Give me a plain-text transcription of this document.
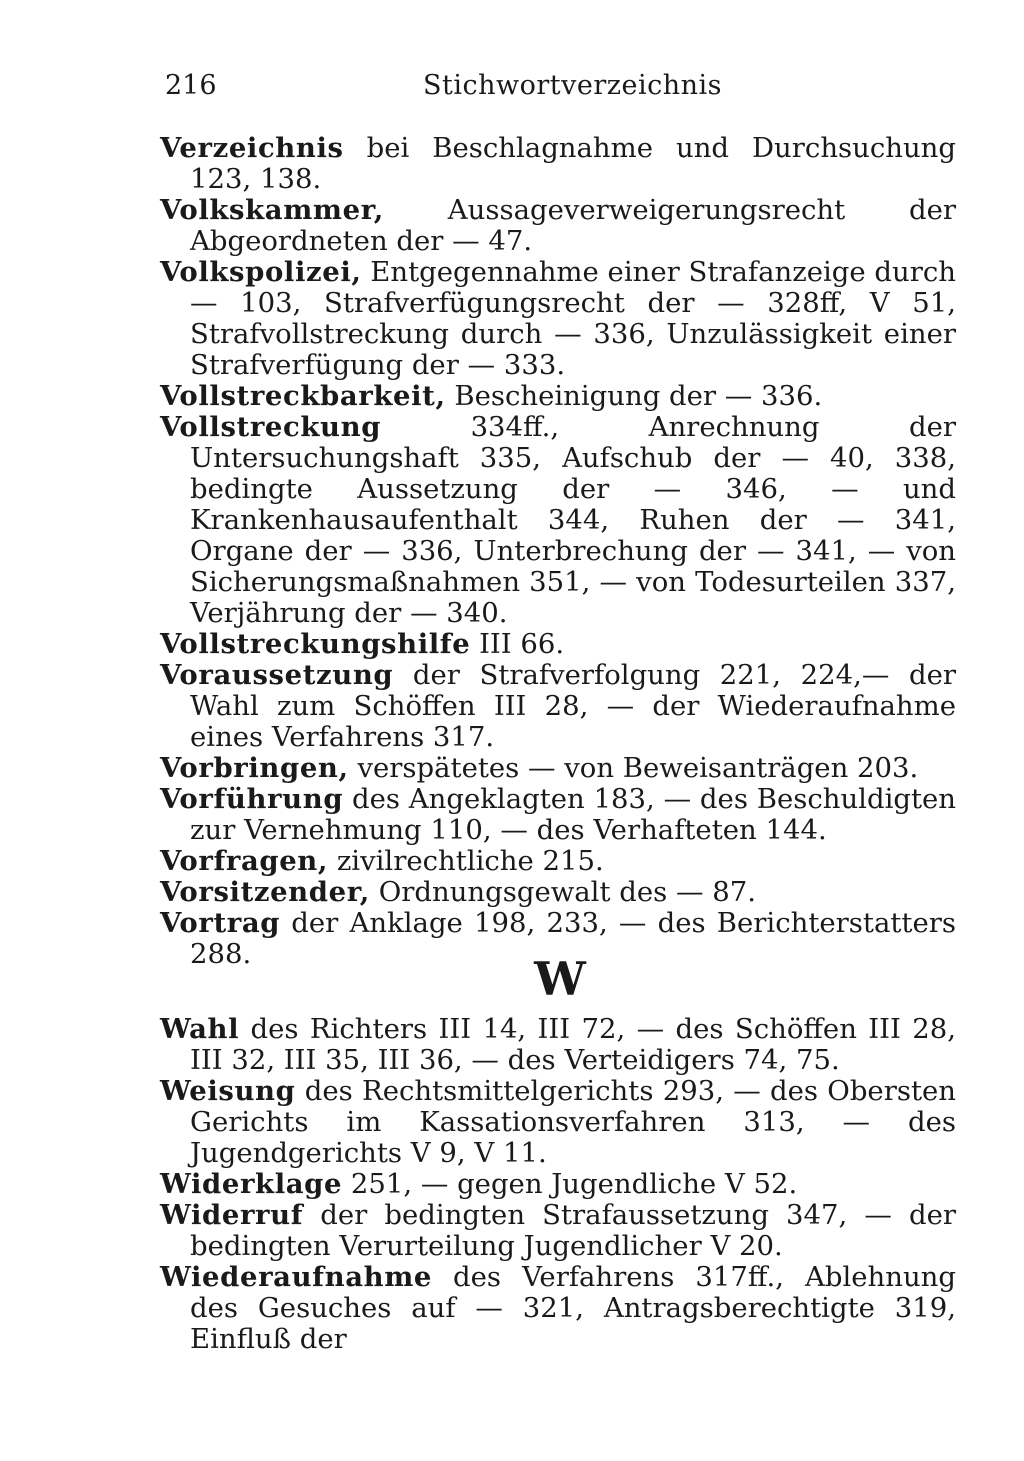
216	Stichwortverzeichnis

Verzeichnis bei Beschlagnahme und Durchsuchung 123, 138.

Volkskammer, Aussageverweigerungsrecht der Abgeordneten der — 47.

Volkspolizei, Entgegennahme einer Strafanzeige durch — 103, Strafverfügungsrecht der — 328ff, V 51, Strafvollstreckung durch — 336, Unzulässigkeit einer Strafverfügung der — 333.

Vollstreckbarkeit, Bescheinigung der — 336.

Vollstreckung 334ff., Anrechnung der Untersuchungshaft 335, Aufschub der — 40, 338, bedingte Aussetzung der — 346, — und Krankenhausaufenthalt 344, Ruhen der — 341, Organe der — 336, Unterbrechung der — 341, — von Sicherungsmaßnahmen 351, — von Todesurteilen 337, Verjährung der — 340.

Vollstreckungshilfe III 66.

Voraussetzung der Strafverfolgung 221, 224,— der Wahl zum Schöffen III 28, — der Wiederaufnahme eines Verfahrens 317.

Vorbringen, verspätetes — von Beweisanträgen 203.

Vorführung des Angeklagten 183, — des Beschuldigten zur Vernehmung 110, — des Verhafteten 144.

Vorfragen, zivilrechtliche 215.

Vorsitzender, Ordnungsgewalt des — 87.

Vortrag der Anklage 198, 233, — des Berichterstatters 288.	W

Wahl des Richters III 14, III 72, — des Schöffen III 28, III 32, III 35, III 36, — des Verteidigers 74, 75.

Weisung des Rechtsmittelgerichts 293, — des Obersten Gerichts im Kassationsverfahren 313, — des Jugendgerichts V 9, V 11.

Widerklage 251, — gegen Jugendliche V 52.

Widerruf der bedingten Strafaussetzung 347, — der bedingten Verurteilung Jugendlicher V 20.

Wiederaufnahme des Verfahrens 317ff., Ablehnung des Gesuches auf — 321, Antragsberechtigte 319, Einfluß der
